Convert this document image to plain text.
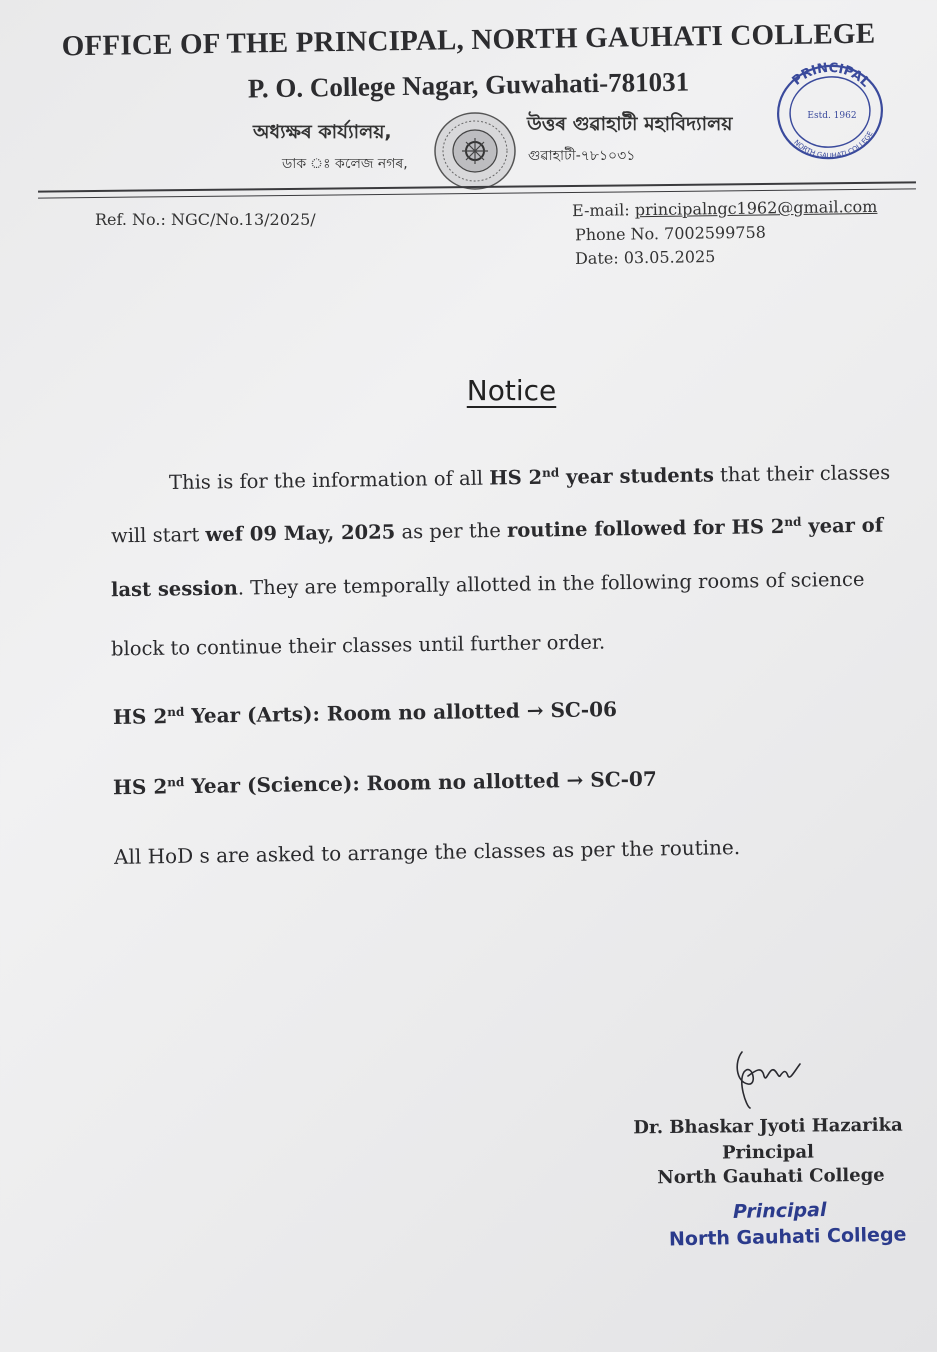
OFFICE OF THE PRINCIPAL, NORTH GAUHATI COLLEGE
P. O. College Nagar, Guwahati-781031
অধ্যক্ষৰ কাৰ্য্যালয়,
ডাক ঃ কলেজ নগৰ,
উত্তৰ গুৱাহাটী মহাবিদ্যালয়
গুৱাহাটী-৭৮১০৩১
PRINCIPAL
NORTH GAUHATI COLLEGE
Estd. 1962
Ref. No.: NGC/No.13/2025/	E-mail: principalngc1962@gmail.com
Phone No. 7002599758
Date: 03.05.2025
Notice
This is for the information of all HS 2nd year students that their classes
will start wef 09 May, 2025 as per the routine followed for HS 2nd year of
last session. They are temporally allotted in the following rooms of science
block to continue their classes until further order.
HS 2nd Year (Arts): Room no allotted → SC-06
HS 2nd Year (Science): Room no allotted → SC-07
All HoD s are asked to arrange the classes as per the routine.
Dr. Bhaskar Jyoti Hazarika
Principal
North Gauhati College
Principal
North Gauhati College
